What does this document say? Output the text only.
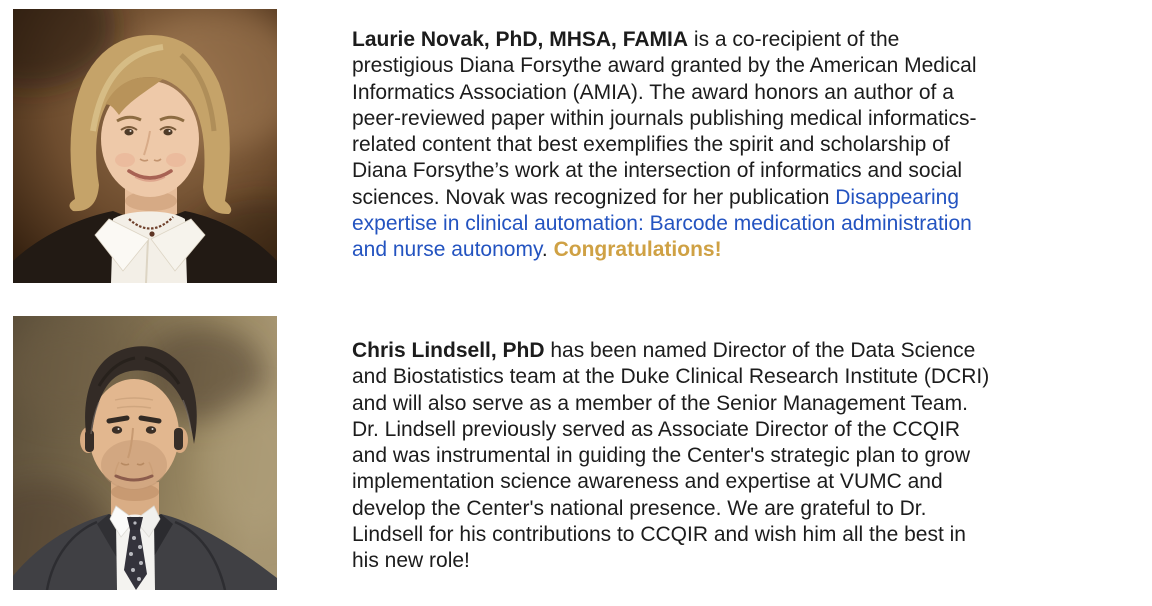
Laurie Novak, PhD, MHSA, FAMIA is a co-recipient of the
prestigious Diana Forsythe award granted by the American Medical
Informatics Association (AMIA). The award honors an author of a
peer-reviewed paper within journals publishing medical informatics-
related content that best exemplifies the spirit and scholarship of
Diana Forsythe’s work at the intersection of informatics and social
sciences. Novak was recognized for her publication Disappearing
expertise in clinical automation: Barcode medication administration
and nurse autonomy. Congratulations!
Chris Lindsell, PhD has been named Director of the Data Science
and Biostatistics team at the Duke Clinical Research Institute (DCRI)
and will also serve as a member of the Senior Management Team.
Dr. Lindsell previously served as Associate Director of the CCQIR
and was instrumental in guiding the Center's strategic plan to grow
implementation science awareness and expertise at VUMC and
develop the Center's national presence. We are grateful to Dr.
Lindsell for his contributions to CCQIR and wish him all the best in
his new role!
